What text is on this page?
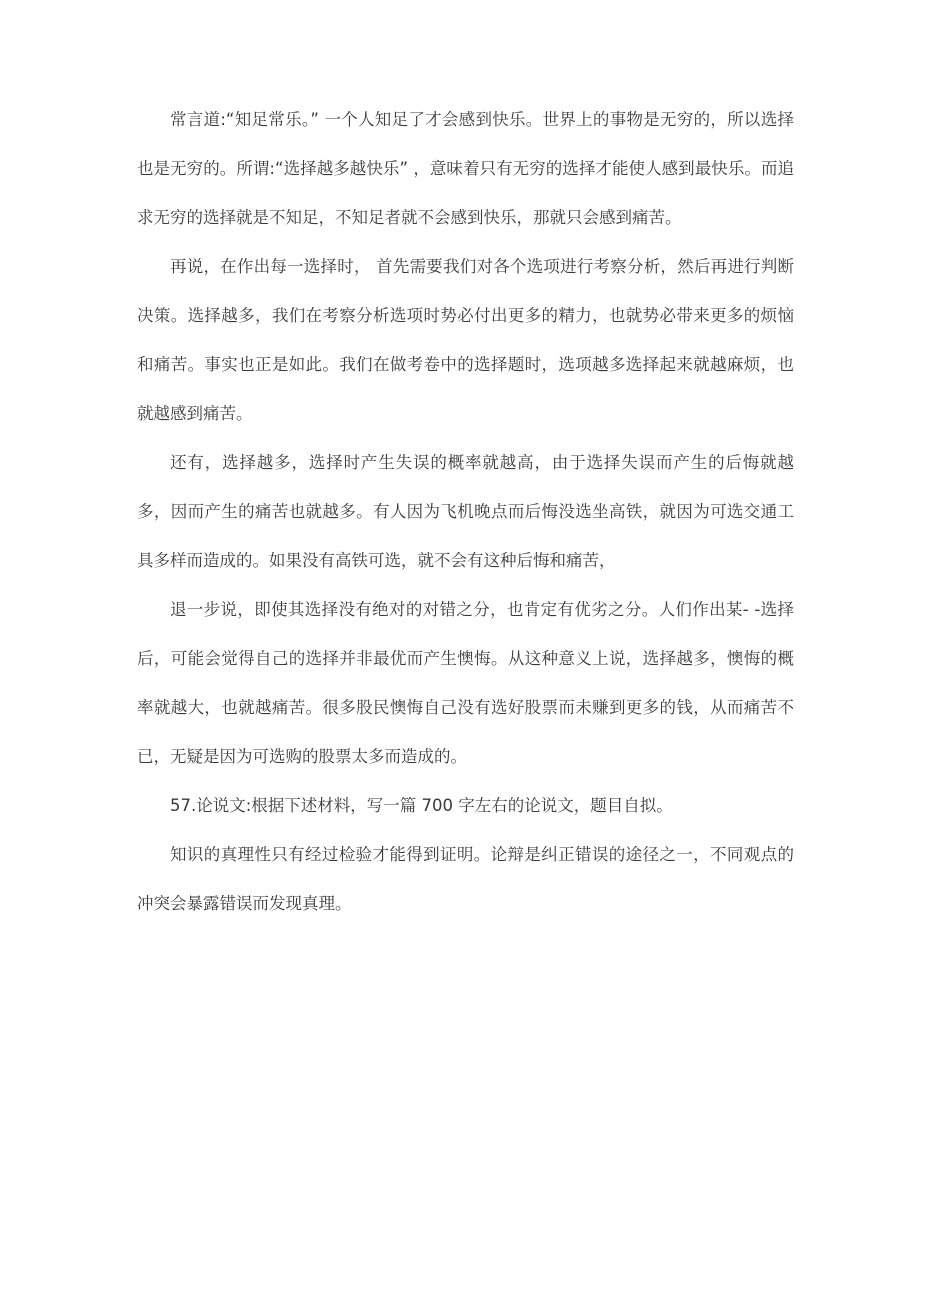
常言道:“知足常乐。” 一个人知足了才会感到快乐。世界上的事物是无穷的，所以选择也是无穷的。所谓:“选择越多越快乐” ，意味着只有无穷的选择才能使人感到最快乐。而追求无穷的选择就是不知足，不知足者就不会感到快乐，那就只会感到痛苦。

再说，在作出每一选择时， 首先需要我们对各个选项进行考察分析，然后再进行判断决策。选择越多，我们在考察分析选项时势必付出更多的精力，也就势必带来更多的烦恼和痛苦。事实也正是如此。我们在做考卷中的选择题时，选项越多选择起来就越麻烦，也就越感到痛苦。

还有，选择越多，选择时产生失误的概率就越高，由于选择失误而产生的后悔就越多，因而产生的痛苦也就越多。有人因为飞机晚点而后悔没选坐高铁，就因为可选交通工具多样而造成的。如果没有高铁可选，就不会有这种后悔和痛苦，

退一步说，即使其选择没有绝对的对错之分，也肯定有优劣之分。人们作出某- -选择后，可能会觉得自己的选择并非最优而产生懊悔。从这种意义上说，选择越多，懊悔的概率就越大，也就越痛苦。很多股民懊悔自己没有选好股票而未赚到更多的钱，从而痛苦不已，无疑是因为可选购的股票太多而造成的。

57.论说文:根据下述材料，写一篇 700 字左右的论说文，题目自拟。

知识的真理性只有经过检验才能得到证明。论辩是纠正错误的途径之一，不同观点的冲突会暴露错误而发现真理。
